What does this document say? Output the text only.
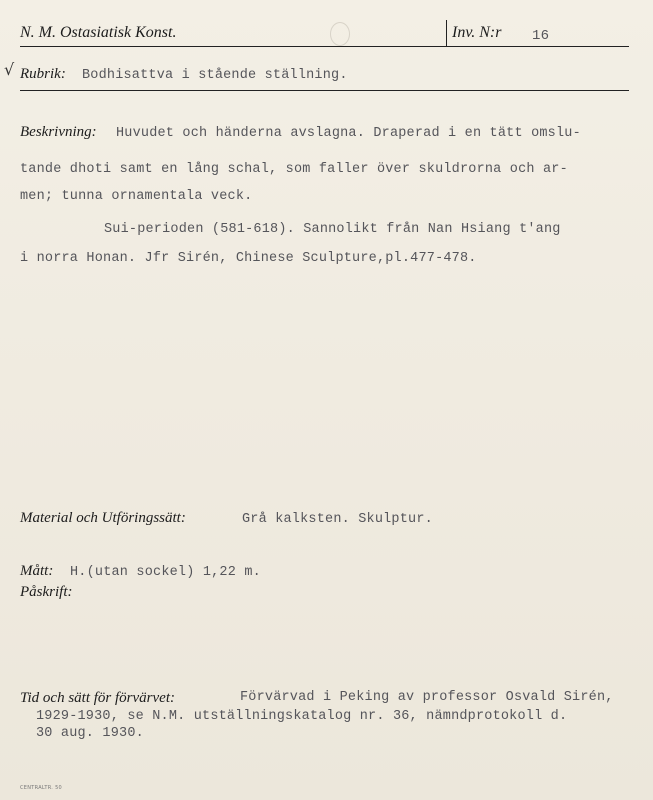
N. M. Ostasiatisk Konst.	Inv. N:r 16
√ Rubrik: Bodhisattva i stående ställning.
Beskrivning: Huvudet och händerna avslagna. Draperad i en tätt omslu-
tande dhoti samt en lång schal, som faller över skuldrorna och ar-
men; tunna ornamentala veck.
Sui-perioden (581-618). Sannolikt från Nan Hsiang t'ang
i norra Honan. Jfr Sirén, Chinese Sculpture,pl.477-478.
Material och Utföringssätt:	Grå kalksten. Skulptur.
Mått: H.(utan sockel) 1,22 m.
Påskrift:
Tid och sätt för förvärvet:	Förvärvad i Peking av professor Osvald Sirén,
1929-1930, se N.M. utställningskatalog nr. 36, nämndprotokoll d.
30 aug. 1930.
CENTRALTR. 50
